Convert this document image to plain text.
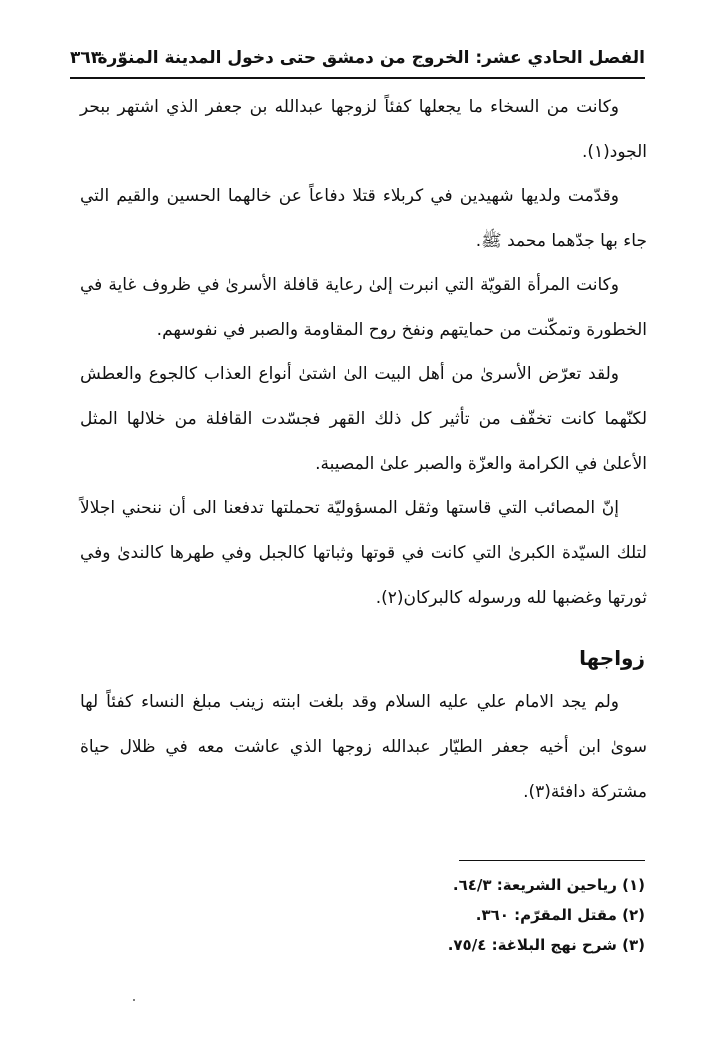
الفصل الحادي عشر: الخروج من دمشق حتى دخول المدينة المنوّرة
٣٦٣

وكانت من السخاء ما يجعلها كفئاً لزوجها عبدالله بن جعفر الذي اشتهر ببحر الجود(١).

وقدّمت ولديها شهيدين في كربلاء قتلا دفاعاً عن خالهما الحسين والقيم التي جاء بها جدّهما محمد ﷺ.

وكانت المرأة القويّة التي انبرت إلىٰ رعاية قافلة الأسرىٰ في ظروف غاية في الخطورة وتمكّنت من حمايتهم ونفخ روح المقاومة والصبر في نفوسهم.

ولقد تعرّض الأسرىٰ من أهل البيت الىٰ اشتىٰ أنواع العذاب كالجوع والعطش لكنّهما كانت تخفّف من تأثير كل ذلك القهر فجسّدت القافلة من خلالها المثل الأعلىٰ في الكرامة والعزّة والصبر علىٰ المصيبة.

إنّ المصائب التي قاستها وثقل المسؤوليّة تحملتها تدفعنا الى أن ننحني اجلالاً لتلك السيّدة الكبرىٰ التي كانت في قوتها وثباتها كالجبل وفي طهرها كالندىٰ وفي ثورتها وغضبها لله ورسوله كالبركان(٢).

زواجها

ولم يجد الامام علي عليه السلام وقد بلغت ابنته زينب مبلغ النساء كفئاً لها سوىٰ ابن أخيه جعفر الطيّار عبدالله زوجها الذي عاشت معه في ظلال حياة مشتركة دافئة(٣).

(١) رياحين الشريعة: ٦٤/٣.
(٢) مقتل المقرّم: ٣٦٠.
(٣) شرح نهج البلاغة: ٧٥/٤.
